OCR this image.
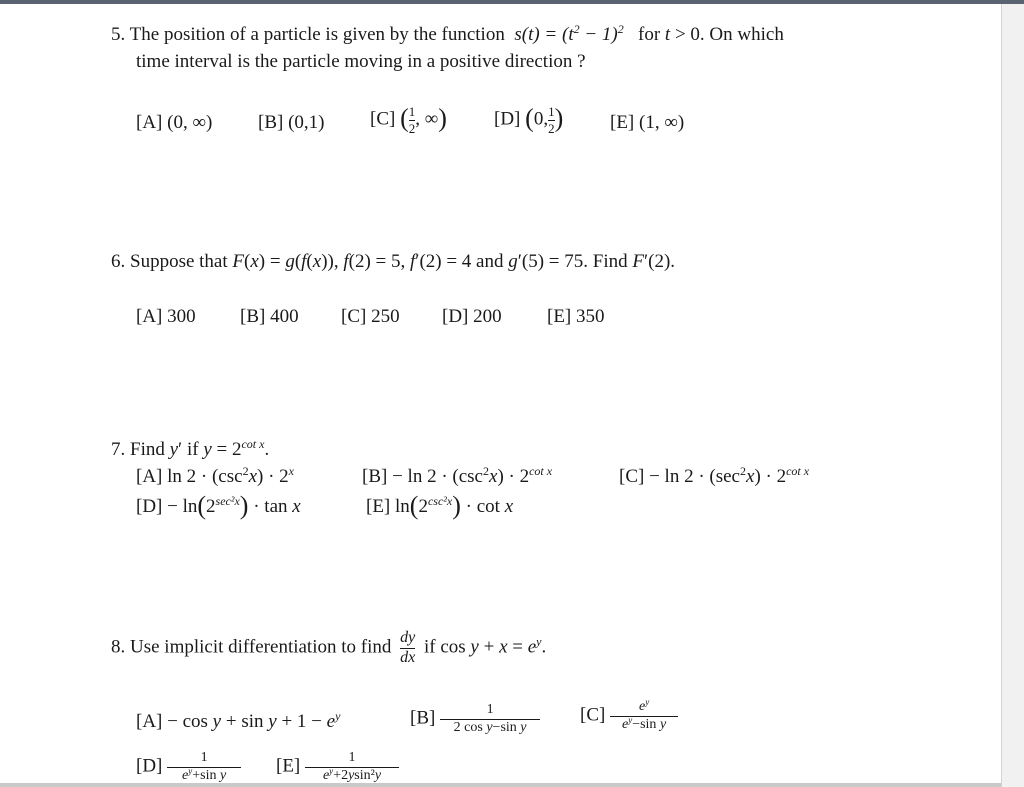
5. The position of a particle is given by the function  $s(t) = (t^2 - 1)^2$   for t > 0. On which
time interval is the particle moving in a positive direction ?
[A] (0, ∞) [B] (0,1) [C] ( $\frac{1}{2}$ , ∞) [D] (0, $\frac{1}{2}$ ) [E] (1, ∞)
6. Suppose that F(x) = g(f(x)), f(2) = 5, f′(2) = 4 and g′(5) = 75. Find F′(2).
[A] 300 [B] 400 [C] 250 [D] 200 [E] 350
7. Find y′ if $y = 2^{cot x}$.
[A] $\ln 2 \cdot (\csc^2x) \cdot 2^x$	$[B] - \ln 2 \cdot (\csc^2x) \cdot 2^{cot x}$	$[C] - \ln 2 \cdot (\sec^2x) \cdot 2^{cot x}$
$[D] - \ln(2^{sec^2x}) \cdot \tan x$	[E] $\ln(2^{csc^2x}) \cdot \cot x$
8. Use implicit differentiation to find $\frac{dy}{dx}$ if $\cos y + x = e^y$.
$[A] - \cos y + \sin y + 1 - e^y$	$[B] \frac{1}{\text{2 cos y−sin y}} [C] \frac{e^y}{e^y-\sin y}$
$[D] \frac{1}{e^y+\sin y} [E] \frac{1}{e^y+2ysin^2y}$
